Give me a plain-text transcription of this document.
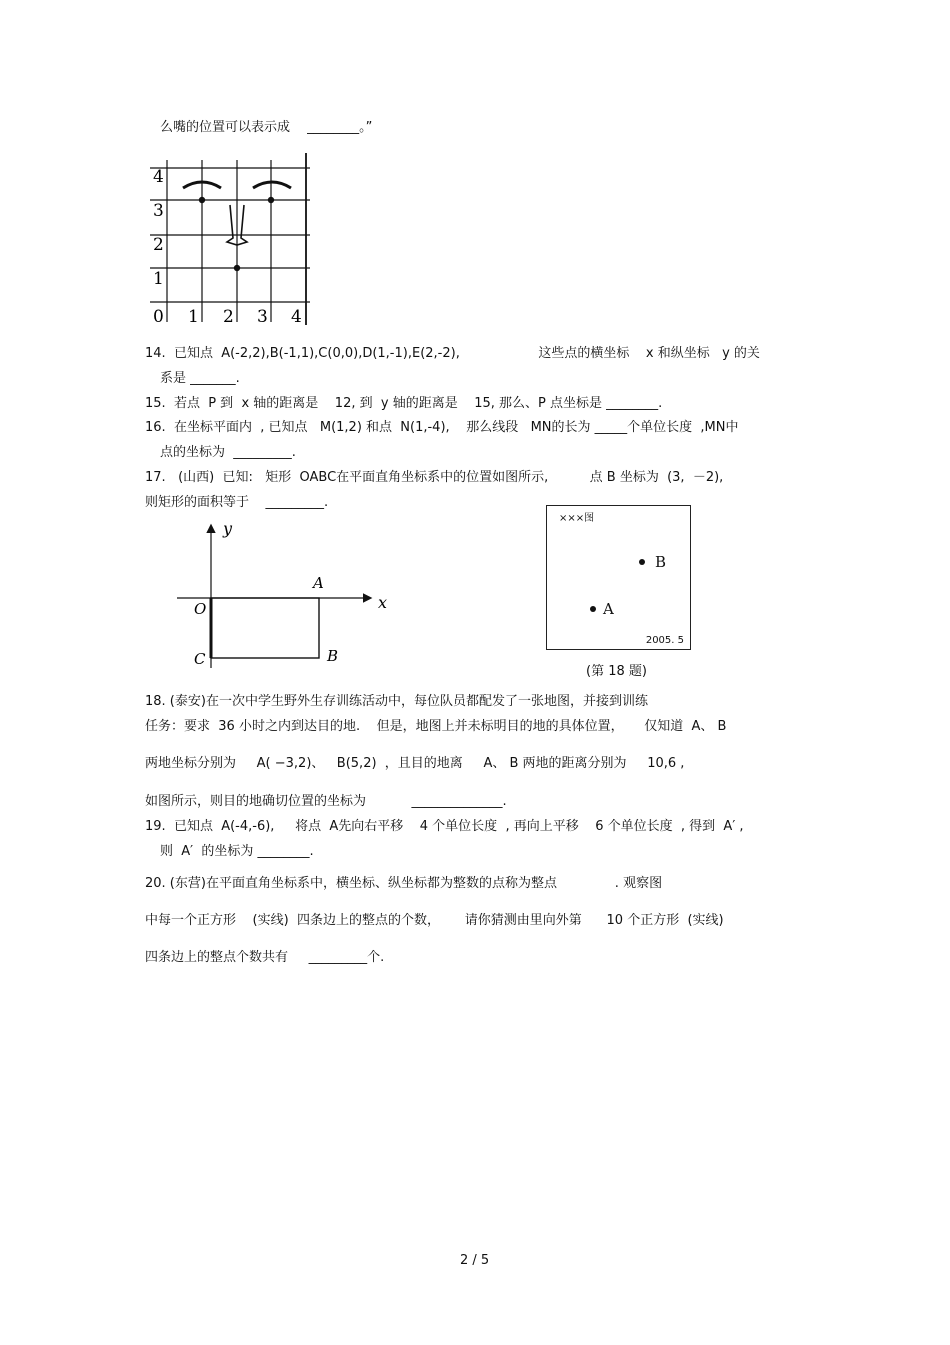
么嘴的位置可以表示成　 ________。”
4
3
2
1
0 1 2 3 4
14.  已知点  A(-2,2),B(-1,1),C(0,0),D(1,-1),E(2,-2),                   这些点的横坐标    x 和纵坐标   y 的关
系是 _______.
15.  若点  P 到  x 轴的距离是    12, 到  y 轴的距离是    15, 那么、P 点坐标是 ________.
16.  在坐标平面内  , 已知点   M(1,2) 和点  N(1,-4),    那么线段   MN的长为 _____个单位长度  ,MN中
点的坐标为  _________.
17.   (山西)  已知:   矩形  OABC在平面直角坐标系中的位置如图所示,          点 B 坐标为  (3,  －2),
则矩形的面积等于    _________.
y
x
O
A
C	B
×××图
B
A
2005. 5
(第 18 题)
18. (泰安)在一次中学生野外生存训练活动中，每位队员都配发了一张地图，并接到训练
任务：要求  36 小时之内到达目的地.    但是，地图上并未标明目的地的具体位置，     仅知道  A、 B
两地坐标分别为     A( −3,2)、   B(5,2)  ，且目的地离     A、 B 两地的距离分别为     10,6 ,
如图所示，则目的地确切位置的坐标为           ______________.
19.  已知点  A(-4,-6),     将点  A先向右平移    4 个单位长度  , 再向上平移    6 个单位长度  , 得到  A′ ,
则  A′  的坐标为 ________.
20. (东营)在平面直角坐标系中，横坐标、纵坐标都为整数的点称为整点              . 观察图
中每一个正方形    (实线)  四条边上的整点的个数，      请你猜测由里向外第      10 个正方形  (实线)
四条边上的整点个数共有     _________个.
2 / 5
